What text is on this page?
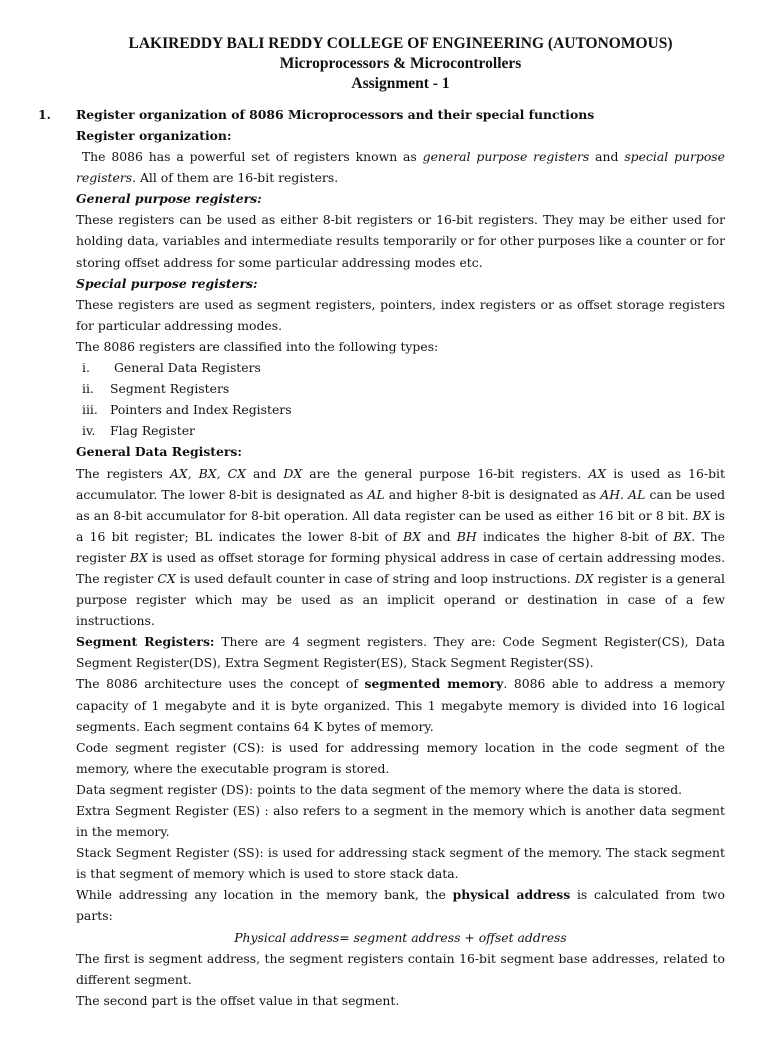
LAKIREDDY BALI REDDY COLLEGE OF ENGINEERING (AUTONOMOUS)
Microprocessors & Microcontrollers
Assignment - 1
1. Register organization of 8086 Microprocessors and their special functions

Register organization:

The 8086 has a powerful set of registers known as general purpose registers and special purpose registers. All of them are 16-bit registers.

General purpose registers:

These registers can be used as either 8-bit registers or 16-bit registers. They may be either used for holding data, variables and intermediate results temporarily or for other purposes like a counter or for storing offset address for some particular addressing modes etc.

Special purpose registers:

These registers are used as segment registers, pointers, index registers or as offset storage registers for particular addressing modes.

The 8086 registers are classified into the following types:

i.	General Data Registers
ii.	Segment Registers
iii. Pointers and Index Registers
iv.	Flag Register

General Data Registers:

The registers AX, BX, CX and DX are the general purpose 16-bit registers. AX is used as 16-bit accumulator. The lower 8-bit is designated as AL and higher 8-bit is designated as AH. AL can be used as an 8-bit accumulator for 8-bit operation. All data register can be used as either 16 bit or 8 bit. BX is a 16 bit register; BL indicates the lower 8-bit of BX and BH indicates the higher 8-bit of BX. The register BX is used as offset storage for forming physical address in case of certain addressing modes. The register CX is used default counter in case of string and loop instructions. DX register is a general purpose register which may be used as an implicit operand or destination in case of a few instructions.

Segment Registers: There are 4 segment registers. They are: Code Segment Register(CS), Data Segment Register(DS), Extra Segment Register(ES), Stack Segment Register(SS).

The 8086 architecture uses the concept of segmented memory. 8086 able to address a memory capacity of 1 megabyte and it is byte organized. This 1 megabyte memory is divided into 16 logical segments. Each segment contains 64 K bytes of memory.

Code segment register (CS): is used for addressing memory location in the code segment of the memory, where the executable program is stored.

Data segment register (DS): points to the data segment of the memory where the data is stored.

Extra Segment Register (ES) : also refers to a segment in the memory which is another data segment in the memory.

Stack Segment Register (SS): is used for addressing stack segment of the memory. The stack segment is that segment of memory which is used to store stack data.

While addressing any location in the memory bank, the physical address is calculated from two parts:

Physical address= segment address + offset address

The first is segment address, the segment registers contain 16-bit segment base addresses, related to different segment.

The second part is the offset value in that segment.
